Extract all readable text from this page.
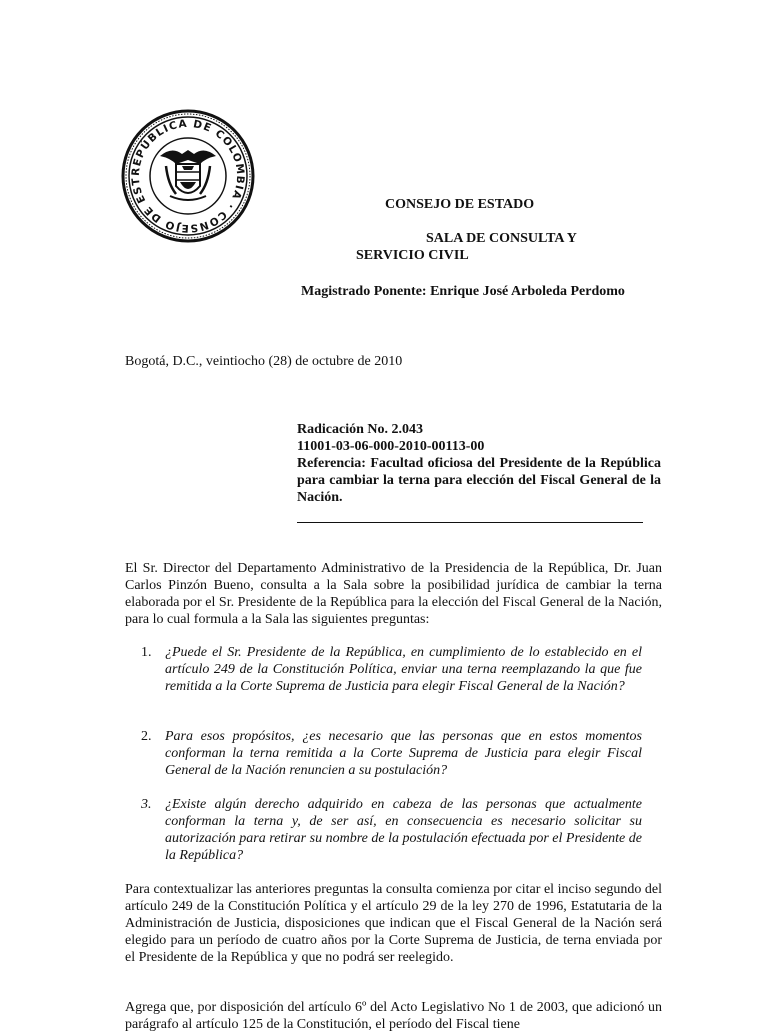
REPÚBLICA DE COLOMBIA · CONSEJO DE EST
CONSEJO DE ESTADO
SALA DE CONSULTA Y
SERVICIO CIVIL
Magistrado Ponente: Enrique José Arboleda Perdomo
Bogotá, D.C., veintiocho (28) de octubre de 2010
Radicación No. 2.043
11001-03-06-000-2010-00113-00
Referencia: Facultad oficiosa del Presidente de la República para cambiar la terna para elección del Fiscal General de la Nación.
El Sr. Director del Departamento Administrativo de la Presidencia de la República, Dr. Juan Carlos Pinzón Bueno, consulta a la Sala sobre la posibilidad jurídica de cambiar la terna elaborada por el Sr. Presidente de la República para la elección del Fiscal General de la Nación, para lo cual formula a la Sala las siguientes preguntas:
1. ¿Puede el Sr. Presidente de la República, en cumplimiento de lo establecido en el artículo 249 de la Constitución Política, enviar una terna reemplazando la que fue remitida a la Corte Suprema de Justicia para elegir Fiscal General de la Nación?
2. Para esos propósitos, ¿es necesario que las personas que en estos momentos conforman la terna remitida a la Corte Suprema de Justicia para elegir Fiscal General de la Nación renuncien a su postulación?
3. ¿Existe algún derecho adquirido en cabeza de las personas que actualmente conforman la terna y, de ser así, en consecuencia es necesario solicitar su autorización para retirar su nombre de la postulación efectuada por el Presidente de la República?
Para contextualizar las anteriores preguntas la consulta comienza por citar el inciso segundo del artículo 249 de la Constitución Política y el artículo 29 de la ley 270 de 1996, Estatutaria de la Administración de Justicia, disposiciones que indican que el Fiscal General de la Nación será elegido para un período de cuatro años por la Corte Suprema de Justicia, de terna enviada por el Presidente de la República y que no podrá ser reelegido.
Agrega que, por disposición del artículo 6º del Acto Legislativo No 1 de 2003, que adicionó un parágrafo al artículo 125 de la Constitución, el período del Fiscal tiene
